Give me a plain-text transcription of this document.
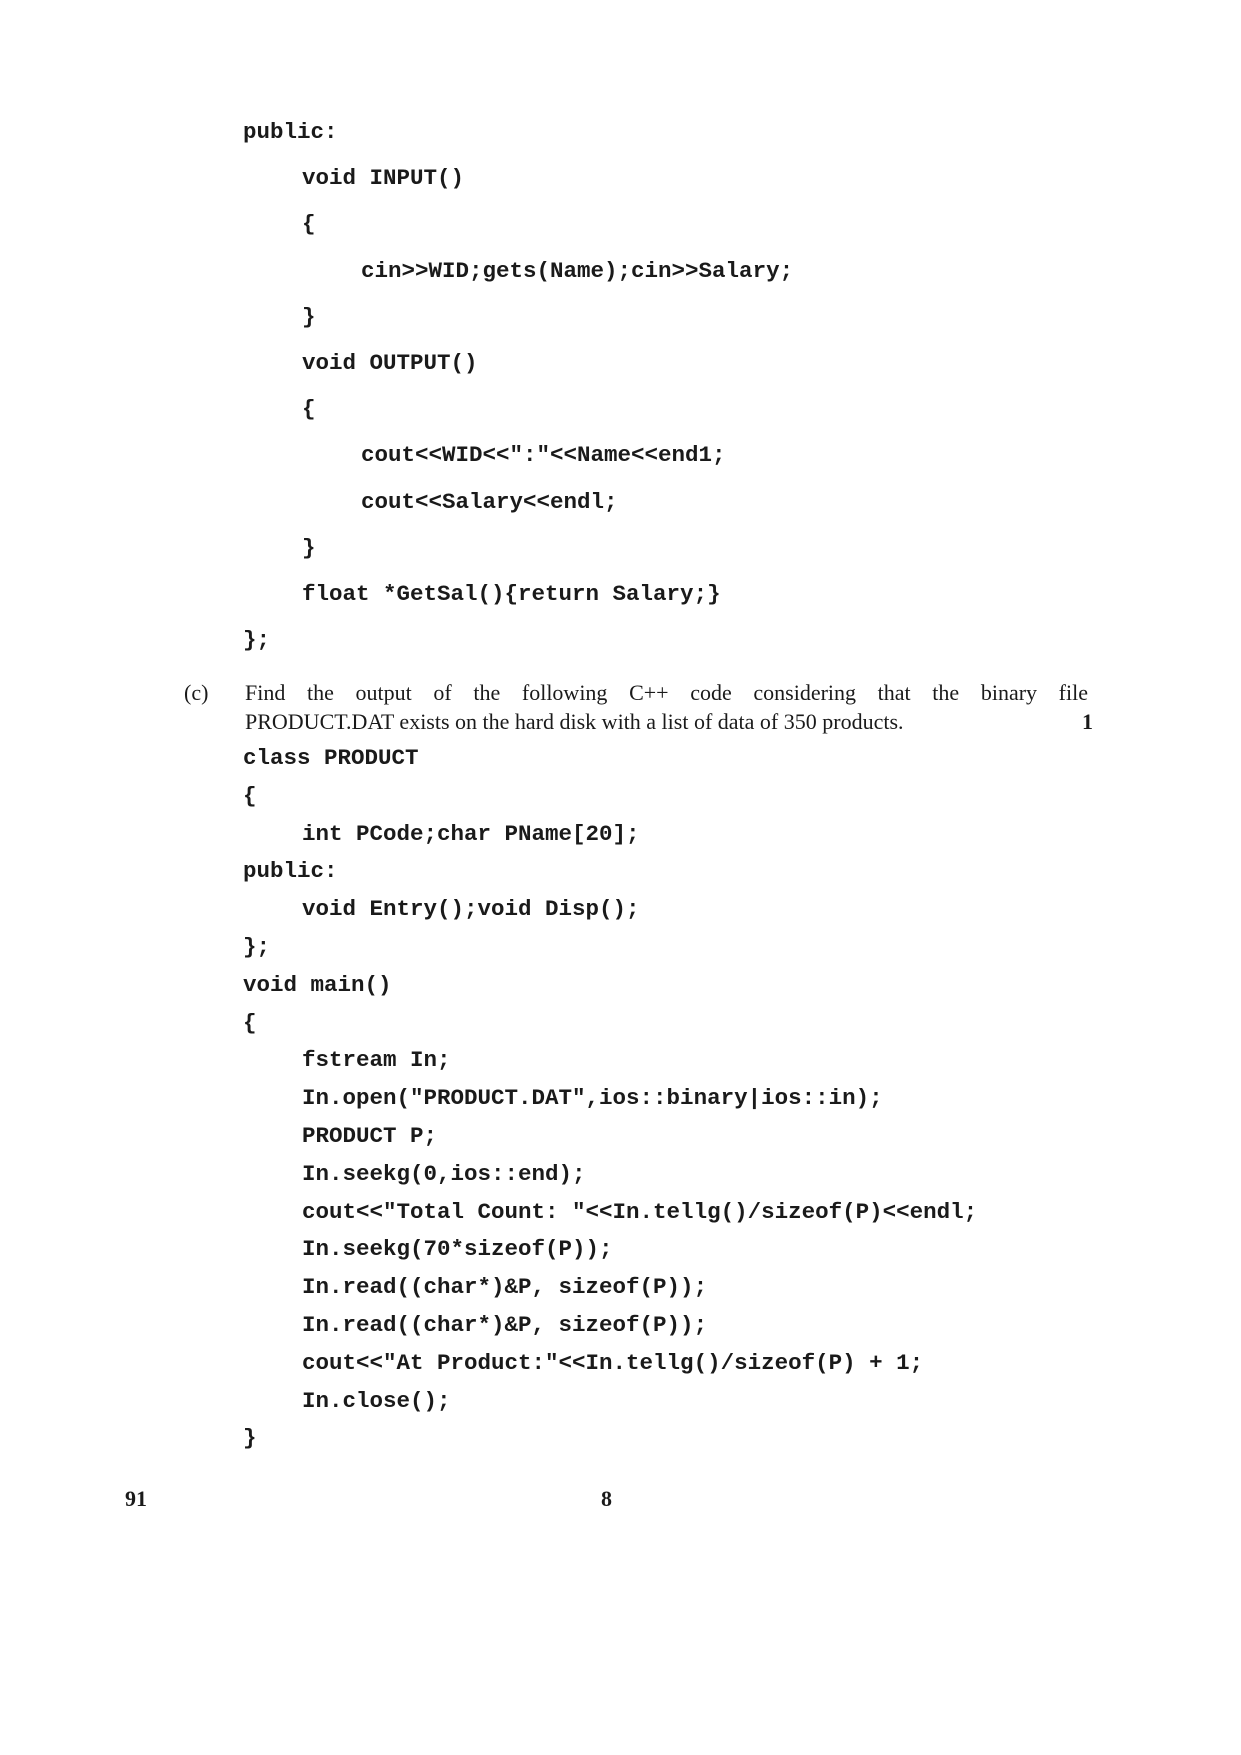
public:
void INPUT()
{
cin>>WID;gets(Name);cin>>Salary;
}
void OUTPUT()
{
cout<<WID<<":"<<Name<<end1;
cout<<Salary<<endl;
}
float *GetSal(){return Salary;}
};
(c) Find the output of the following C++ code considering that the binary file
PRODUCT.DAT exists on the hard disk with a list of data of 350 products.	1
class PRODUCT
{
int PCode;char PName[20];
public:
void Entry();void Disp();
};
void main()
{
fstream In;
In.open("PRODUCT.DAT",ios::binary|ios::in);
PRODUCT P;
In.seekg(0,ios::end);
cout<<"Total Count: "<<In.tellg()/sizeof(P)<<endl;
In.seekg(70*sizeof(P));
In.read((char*)&P, sizeof(P));
In.read((char*)&P, sizeof(P));
cout<<"At Product:"<<In.tellg()/sizeof(P) + 1;
In.close();
}
91	8
